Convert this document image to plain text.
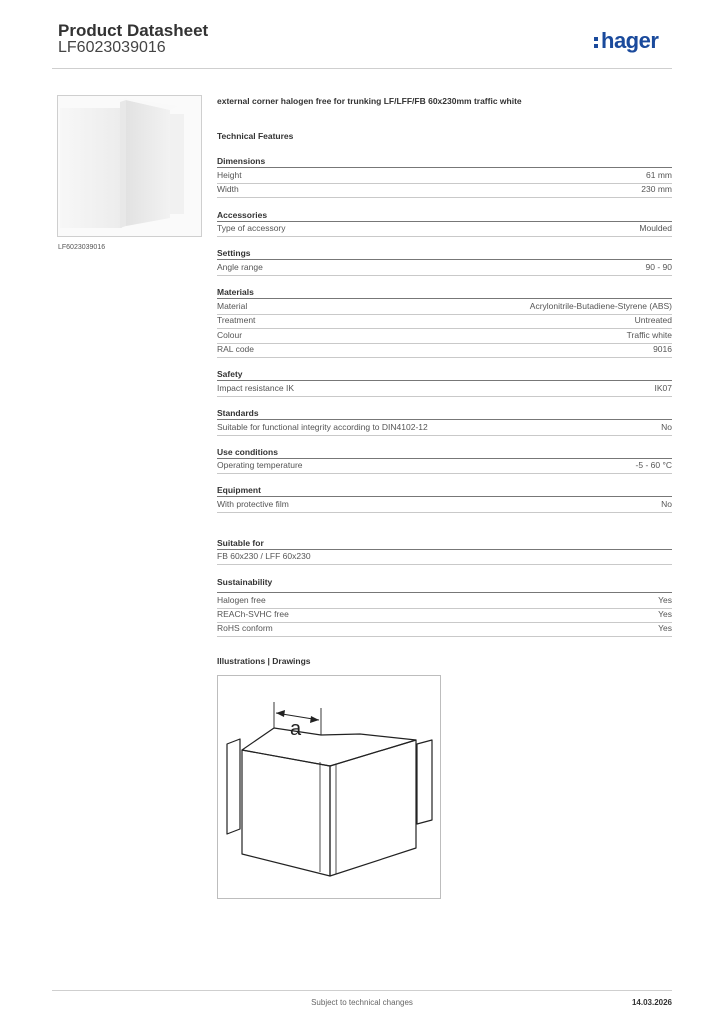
Product Datasheet
LF6023039016	hager
LF6023039016
external corner halogen free for trunking LF/LFF/FB 60x230mm traffic white
Technical Features
Dimensions
Height	61 mm
Width	230 mm
Accessories
Type of accessory	Moulded
Settings
Angle range	90 - 90
Materials
Material	Acrylonitrile-Butadiene-Styrene (ABS)
Treatment	Untreated
Colour	Traffic white
RAL code	9016
Safety
Impact resistance IK	IK07
Standards
Suitable for functional integrity according to DIN4102-12	No
Use conditions
Operating temperature	-5 - 60 °C
Equipment
With protective film	No
Suitable for
FB 60x230 / LFF 60x230
Sustainability
Halogen free	Yes
REACh-SVHC free	Yes
RoHS conform	Yes
Illustrations | Drawings
a
Subject to technical changes	14.03.2026
